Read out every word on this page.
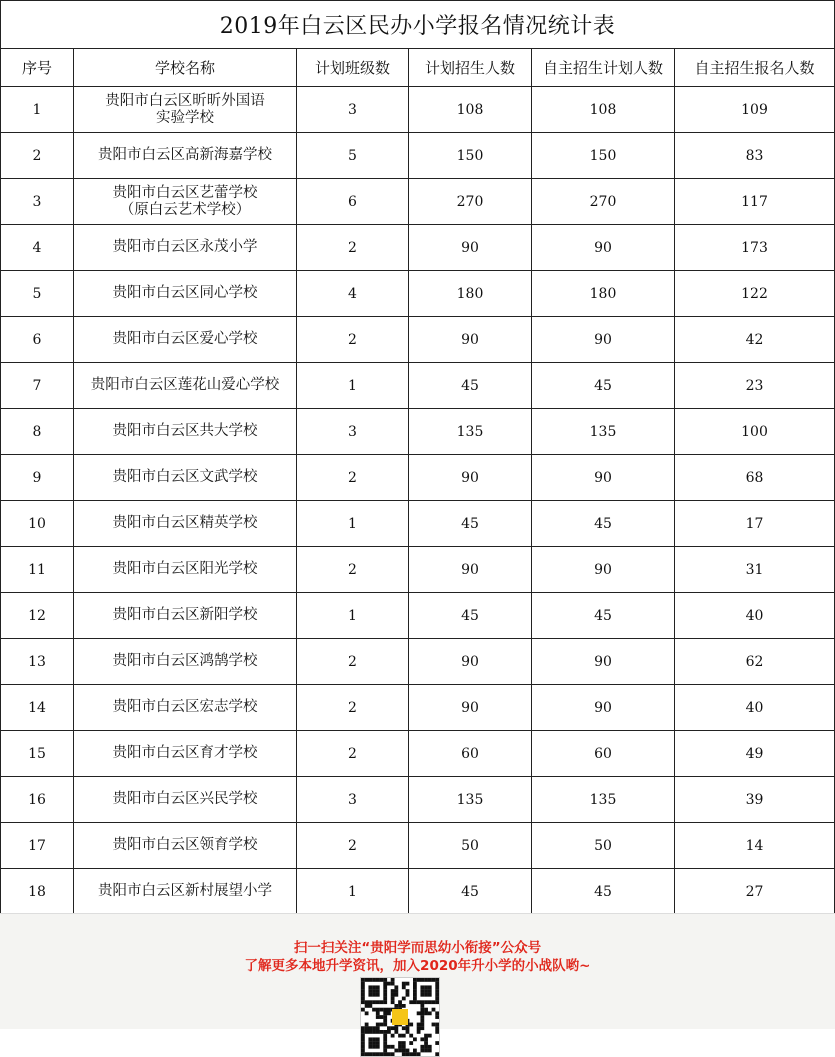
2019年白云区民办小学报名情况统计表					
序号	学校名称	计划班级数	计划招生人数	自主招生计划人数	自主招生报名人数
1	贵阳市白云区昕昕外国语
实验学校	3	108	108	109
2	贵阳市白云区高新海嘉学校	5	150	150	83
3	贵阳市白云区艺蕾学校
（原白云艺术学校）	6	270	270	117
4	贵阳市白云区永茂小学	2	90	90	173
5	贵阳市白云区同心学校	4	180	180	122
6	贵阳市白云区爱心学校	2	90	90	42
7	贵阳市白云区莲花山爱心学校	1	45	45	23
8	贵阳市白云区共大学校	3	135	135	100
9	贵阳市白云区文武学校	2	90	90	68
10	贵阳市白云区精英学校	1	45	45	17
11	贵阳市白云区阳光学校	2	90	90	31
12	贵阳市白云区新阳学校	1	45	45	40
13	贵阳市白云区鸿鹄学校	2	90	90	62
14	贵阳市白云区宏志学校	2	90	90	40
15	贵阳市白云区育才学校	2	60	60	49
16	贵阳市白云区兴民学校	3	135	135	39
17	贵阳市白云区领育学校	2	50	50	14
18	贵阳市白云区新村展望小学	1	45	45	27
扫一扫关注“贵阳学而思幼小衔接”公众号
了解更多本地升学资讯，加入2020年升小学的小战队哟~
